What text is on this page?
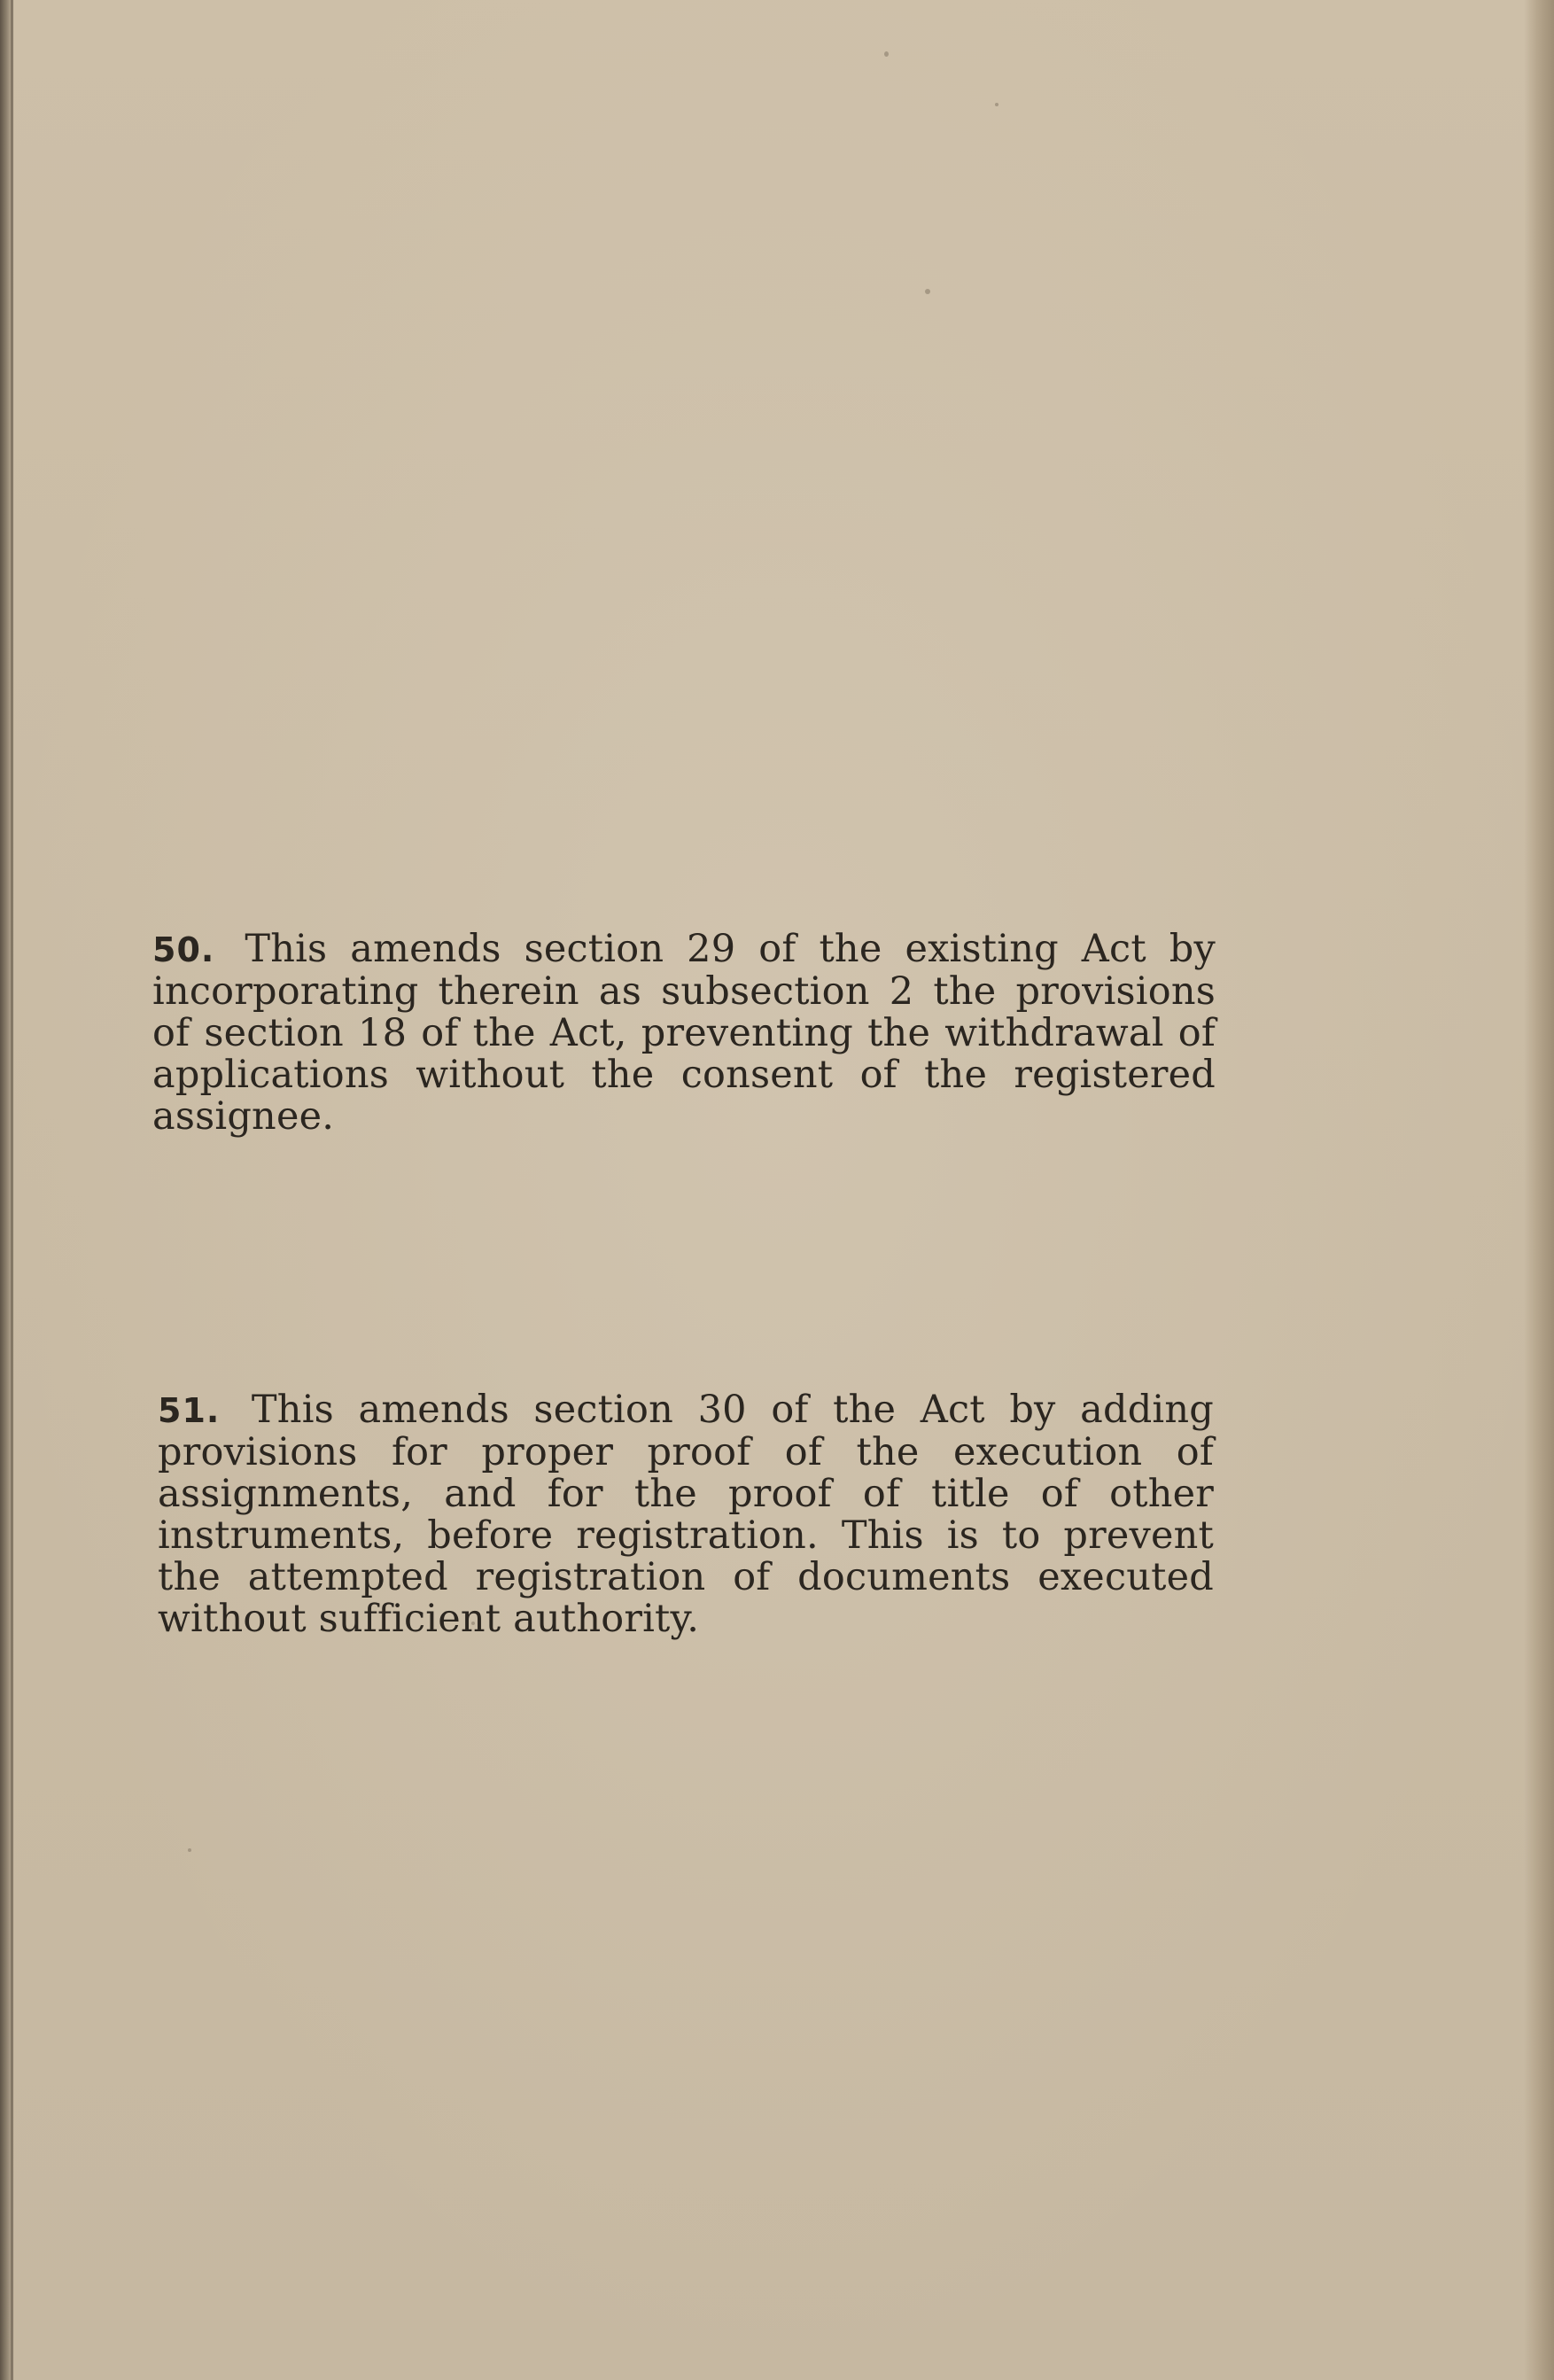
50. This amends section 29 of the existing Act by incorporating therein as subsection 2 the provisions of section 18 of the Act, preventing the withdrawal of applications without the consent of the registered assignee.

51. This amends section 30 of the Act by adding provisions for proper proof of the execution of assignments, and for the proof of title of other instruments, before registration. This is to prevent the attempted registration of documents executed without sufficient authority.
